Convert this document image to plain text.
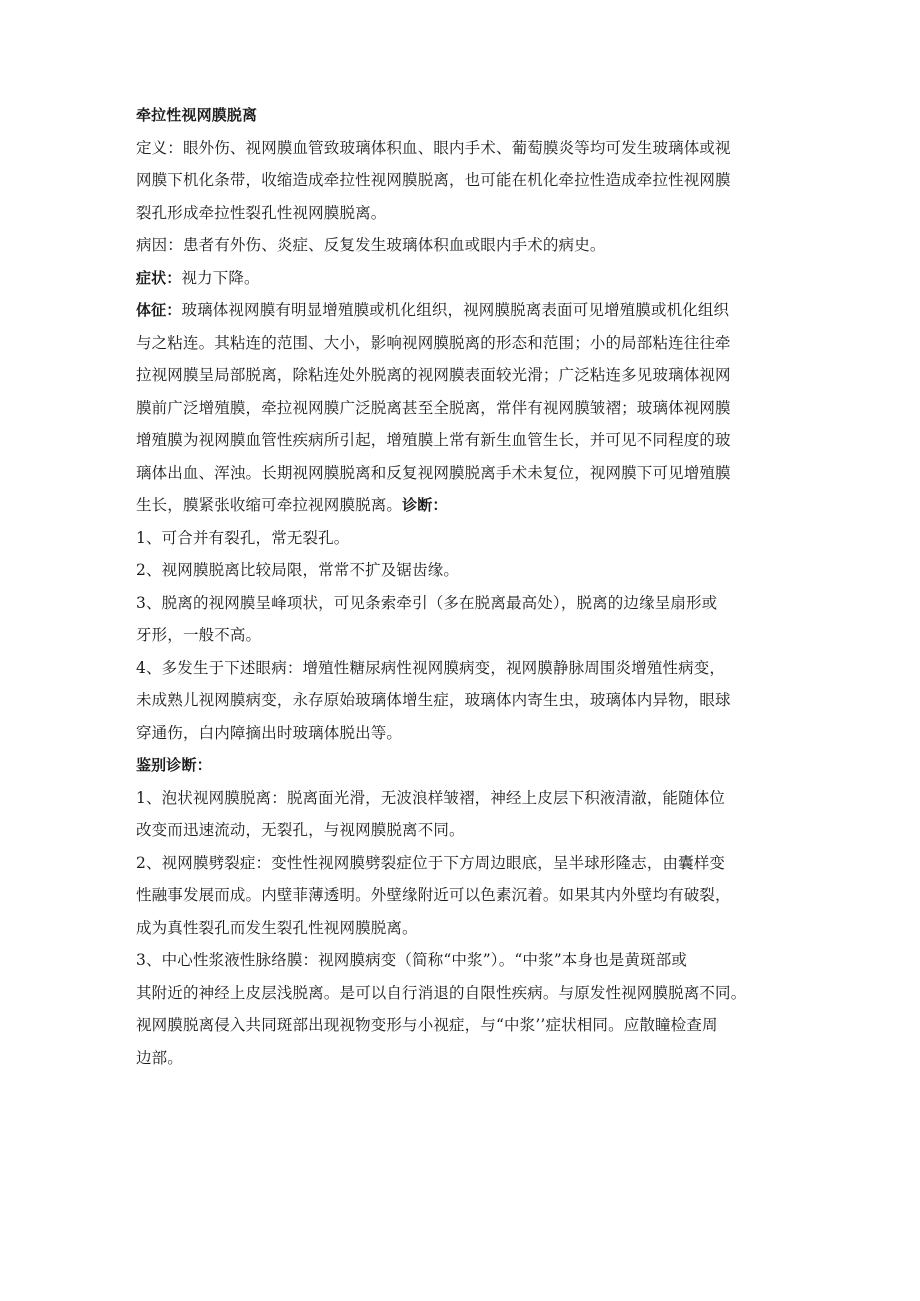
牵拉性视网膜脱离
定义：眼外伤、视网膜血管致玻璃体积血、眼内手术、葡萄膜炎等均可发生玻璃体或视
网膜下机化条带，收缩造成牵拉性视网膜脱离，也可能在机化牵拉性造成牵拉性视网膜
裂孔形成牵拉性裂孔性视网膜脱离。
病因：患者有外伤、炎症、反复发生玻璃体积血或眼内手术的病史。
症状：视力下降。
体征：玻璃体视网膜有明显增殖膜或机化组织，视网膜脱离表面可见增殖膜或机化组织
与之粘连。其粘连的范围、大小，影响视网膜脱离的形态和范围；小的局部粘连往往牵
拉视网膜呈局部脱离，除粘连处外脱离的视网膜表面较光滑；广泛粘连多见玻璃体视网
膜前广泛增殖膜，牵拉视网膜广泛脱离甚至全脱离，常伴有视网膜皱褶；玻璃体视网膜
增殖膜为视网膜血管性疾病所引起，增殖膜上常有新生血管生长，并可见不同程度的玻
璃体出血、浑浊。长期视网膜脱离和反复视网膜脱离手术未复位，视网膜下可见增殖膜
生长，膜紧张收缩可牵拉视网膜脱离。诊断：
1、可合并有裂孔，常无裂孔。
2、视网膜脱离比较局限，常常不扩及锯齿缘。
3、脱离的视网膜呈峰项状，可见条索牵引（多在脱离最高处），脱离的边缘呈扇形或
牙形，一般不高。
4、多发生于下述眼病：增殖性糖尿病性视网膜病变，视网膜静脉周围炎增殖性病变，
未成熟儿视网膜病变，永存原始玻璃体增生症，玻璃体内寄生虫，玻璃体内异物，眼球
穿通伤，白内障摘出时玻璃体脱出等。
鉴别诊断：
1、泡状视网膜脱离：脱离面光滑，无波浪样皱褶，神经上皮层下积液清澈，能随体位
改变而迅速流动，无裂孔，与视网膜脱离不同。
2、视网膜劈裂症：变性性视网膜劈裂症位于下方周边眼底，呈半球形隆志，由囊样变
性融事发展而成。内壁菲薄透明。外壁缘附近可以色素沉着。如果其内外壁均有破裂，
成为真性裂孔而发生裂孔性视网膜脱离。
3、中心性浆液性脉络膜：视网膜病变（简称“中浆”）。“中浆”本身也是黄斑部或
其附近的神经上皮层浅脱离。是可以自行消退的自限性疾病。与原发性视网膜脱离不同。
视网膜脱离侵入共同斑部出现视物变形与小视症，与“中浆’’症状相同。应散瞳检查周
边部。
